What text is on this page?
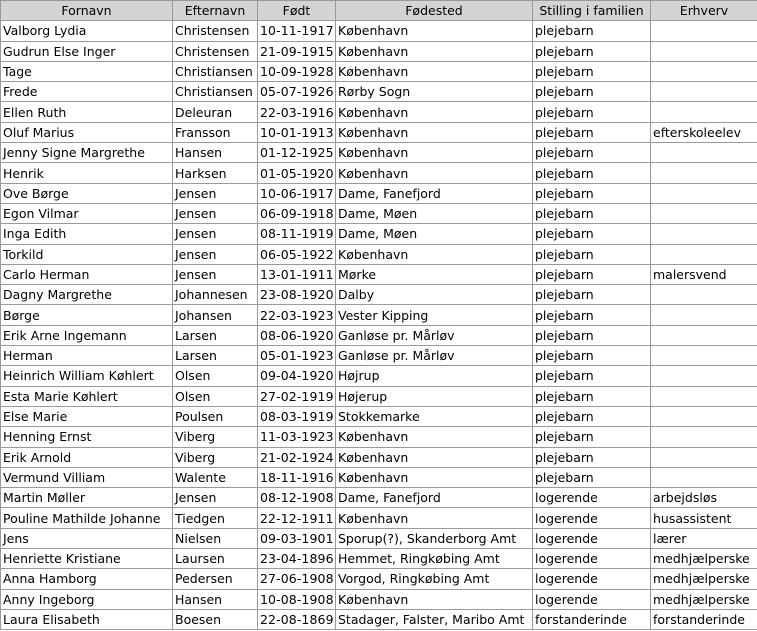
Fornavn	Efternavn	Født	Fødested	Stilling i familien	Erhverv
Valborg Lydia	Christensen	10-11-1917	København	plejebarn	
Gudrun Else Inger	Christensen	21-09-1915	København	plejebarn	
Tage	Christiansen	10-09-1928	København	plejebarn	
Frede	Christiansen	05-07-1926	Rørby Sogn	plejebarn	
Ellen Ruth	Deleuran	22-03-1916	København	plejebarn	
Oluf Marius	Fransson	10-01-1913	København	plejebarn	efterskoleelev
Jenny Signe Margrethe	Hansen	01-12-1925	København	plejebarn	
Henrik	Harksen	01-05-1920	København	plejebarn	
Ove Børge	Jensen	10-06-1917	Dame, Fanefjord	plejebarn	
Egon Vilmar	Jensen	06-09-1918	Dame, Møen	plejebarn	
Inga Edith	Jensen	08-11-1919	Dame, Møen	plejebarn	
Torkild	Jensen	06-05-1922	København	plejebarn	
Carlo Herman	Jensen	13-01-1911	Mørke	plejebarn	malersvend
Dagny Margrethe	Johannesen	23-08-1920	Dalby	plejebarn	
Børge	Johansen	22-03-1923	Vester Kipping	plejebarn	
Erik Arne Ingemann	Larsen	08-06-1920	Ganløse pr. Mårløv	plejebarn	
Herman	Larsen	05-01-1923	Ganløse pr. Mårløv	plejebarn	
Heinrich William Køhlert	Olsen	09-04-1920	Højrup	plejebarn	
Esta Marie Køhlert	Olsen	27-02-1919	Højerup	plejebarn	
Else Marie	Poulsen	08-03-1919	Stokkemarke	plejebarn	
Henning Ernst	Viberg	11-03-1923	København	plejebarn	
Erik Arnold	Viberg	21-02-1924	København	plejebarn	
Vermund Villiam	Walente	18-11-1916	København	plejebarn	
Martin Møller	Jensen	08-12-1908	Dame, Fanefjord	logerende	arbejdsløs
Pouline Mathilde Johanne	Tiedgen	22-12-1911	København	logerende	husassistent
Jens	Nielsen	09-03-1901	Sporup(?), Skanderborg Amt	logerende	lærer
Henriette Kristiane	Laursen	23-04-1896	Hemmet, Ringkøbing Amt	logerende	medhjælperske
Anna Hamborg	Pedersen	27-06-1908	Vorgod, Ringkøbing Amt	logerende	medhjælperske
Anny Ingeborg	Hansen	10-08-1908	København	logerende	medhjælperske
Laura Elisabeth	Boesen	22-08-1869	Stadager, Falster, Maribo Amt	forstanderinde	forstanderinde
